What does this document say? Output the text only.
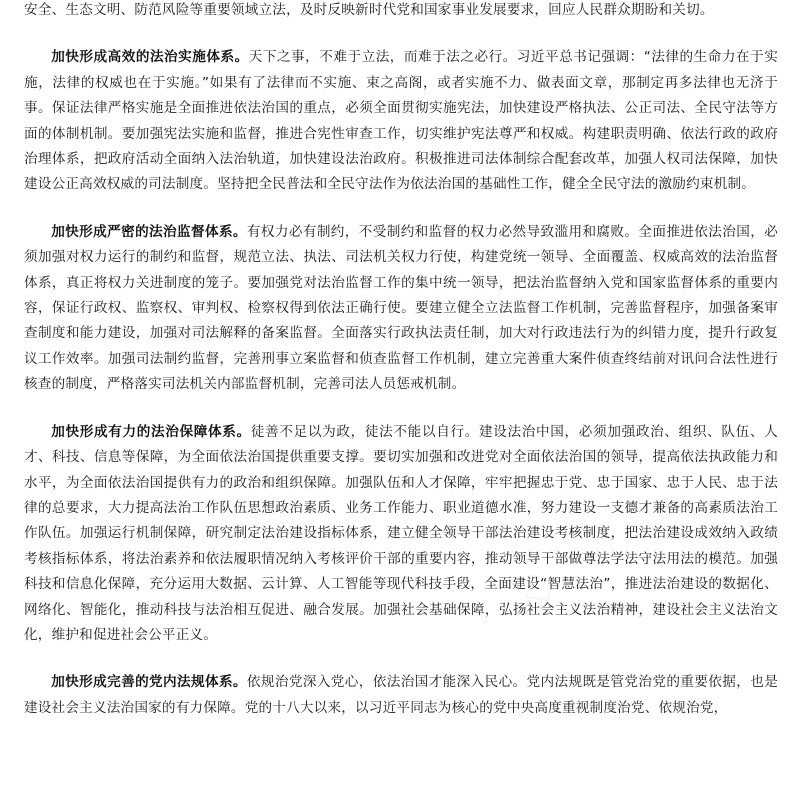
◇
◇
◇

安全、生态文明、防范风险等重要领域立法，及时反映新时代党和国家事业发展要求，回应人民群众期盼和关切。

加快形成高效的法治实施体系。天下之事，不难于立法，而难于法之必行。习近平总书记强调：“法律的生命力在于实施，法律的权威也在于实施。”如果有了法律而不实施、束之高阁，或者实施不力、做表面文章，那制定再多法律也无济于事。保证法律严格实施是全面推进依法治国的重点，必须全面贯彻实施宪法，加快建设严格执法、公正司法、全民守法等方面的体制机制。要加强宪法实施和监督，推进合宪性审查工作，切实维护宪法尊严和权威。构建职责明确、依法行政的政府治理体系，把政府活动全面纳入法治轨道，加快建设法治政府。积极推进司法体制综合配套改革，加强人权司法保障，加快建设公正高效权威的司法制度。坚持把全民普法和全民守法作为依法治国的基础性工作，健全全民守法的激励约束机制。

加快形成严密的法治监督体系。有权力必有制约，不受制约和监督的权力必然导致滥用和腐败。全面推进依法治国，必须加强对权力运行的制约和监督，规范立法、执法、司法机关权力行使，构建党统一领导、全面覆盖、权威高效的法治监督体系，真正将权力关进制度的笼子。要加强党对法治监督工作的集中统一领导，把法治监督纳入党和国家监督体系的重要内容，保证行政权、监察权、审判权、检察权得到依法正确行使。要建立健全立法监督工作机制，完善监督程序，加强备案审查制度和能力建设，加强对司法解释的备案监督。全面落实行政执法责任制，加大对行政违法行为的纠错力度，提升行政复议工作效率。加强司法制约监督，完善刑事立案监督和侦查监督工作机制，建立完善重大案件侦查终结前对讯问合法性进行核查的制度，严格落实司法机关内部监督机制，完善司法人员惩戒机制。

加快形成有力的法治保障体系。徒善不足以为政，徒法不能以自行。建设法治中国，必须加强政治、组织、队伍、人才、科技、信息等保障，为全面依法治国提供重要支撑。要切实加强和改进党对全面依法治国的领导，提高依法执政能力和水平，为全面依法治国提供有力的政治和组织保障。加强队伍和人才保障，牢牢把握忠于党、忠于国家、忠于人民、忠于法律的总要求，大力提高法治工作队伍思想政治素质、业务工作能力、职业道德水准，努力建设一支德才兼备的高素质法治工作队伍。加强运行机制保障，研究制定法治建设指标体系，建立健全领导干部法治建设考核制度，把法治建设成效纳入政绩考核指标体系，将法治素养和依法履职情况纳入考核评价干部的重要内容，推动领导干部做尊法学法守法用法的模范。加强科技和信息化保障，充分运用大数据、云计算、人工智能等现代科技手段，全面建设“智慧法治”，推进法治建设的数据化、网络化、智能化，推动科技与法治相互促进、融合发展。加强社会基础保障，弘扬社会主义法治精神，建设社会主义法治文化，维护和促进社会公平正义。

加快形成完善的党内法规体系。依规治党深入党心，依法治国才能深入民心。党内法规既是管党治党的重要依据，也是建设社会主义法治国家的有力保障。党的十八大以来，以习近平同志为核心的党中央高度重视制度治党、依规治党，
